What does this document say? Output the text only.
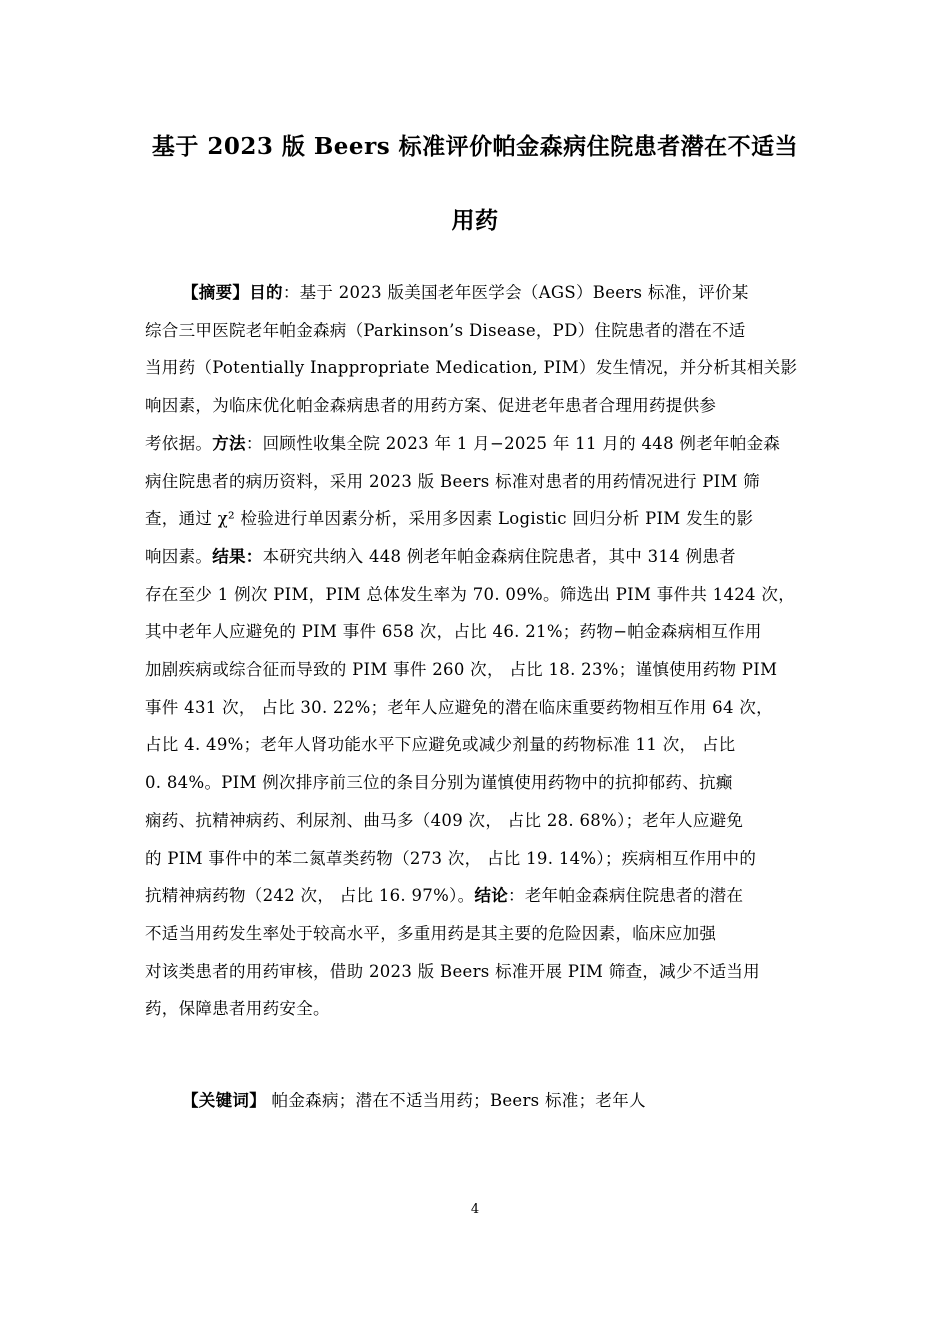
基于 2023 版 Beers 标准评价帕金森病住院患者潜在不适当
用药
【摘要】目的：基于 2023 版美国老年医学会（AGS）Beers 标准，评价某
综合三甲医院老年帕金森病（Parkinson’s Disease，PD）住院患者的潜在不适
当用药（Potentially Inappropriate Medication, PIM）发生情况，并分析其相关影
响因素，为临床优化帕金森病患者的用药方案、促进老年患者合理用药提供参
考依据。方法：回顾性收集全院 2023 年 1 月−2025 年 11 月的 448 例老年帕金森
病住院患者的病历资料，采用 2023 版 Beers 标准对患者的用药情况进行 PIM 筛
查，通过 χ² 检验进行单因素分析，采用多因素 Logistic 回归分析 PIM 发生的影
响因素。结果：本研究共纳入 448 例老年帕金森病住院患者，其中 314 例患者
存在至少 1 例次 PIM，PIM 总体发生率为 70. 09%。筛选出 PIM 事件共 1424 次，
其中老年人应避免的 PIM 事件 658 次，占比 46. 21%；药物−帕金森病相互作用
加剧疾病或综合征而导致的 PIM 事件 260 次， 占比 18. 23%；谨慎使用药物 PIM
事件 431 次， 占比 30. 22%；老年人应避免的潜在临床重要药物相互作用 64 次，
占比 4. 49%；老年人肾功能水平下应避免或减少剂量的药物标准 11 次， 占比
0. 84%。PIM 例次排序前三位的条目分别为谨慎使用药物中的抗抑郁药、抗癫
痫药、抗精神病药、利尿剂、曲马多（409 次， 占比 28. 68%）；老年人应避免
的 PIM 事件中的苯二氮䓬类药物（273 次， 占比 19. 14%）；疾病相互作用中的
抗精神病药物（242 次， 占比 16. 97%）。结论：老年帕金森病住院患者的潜在
不适当用药发生率处于较高水平，多重用药是其主要的危险因素，临床应加强
对该类患者的用药审核，借助 2023 版 Beers 标准开展 PIM 筛查，减少不适当用
药，保障患者用药安全。
【关键词】 帕金森病；潜在不适当用药；Beers 标准；老年人
4
